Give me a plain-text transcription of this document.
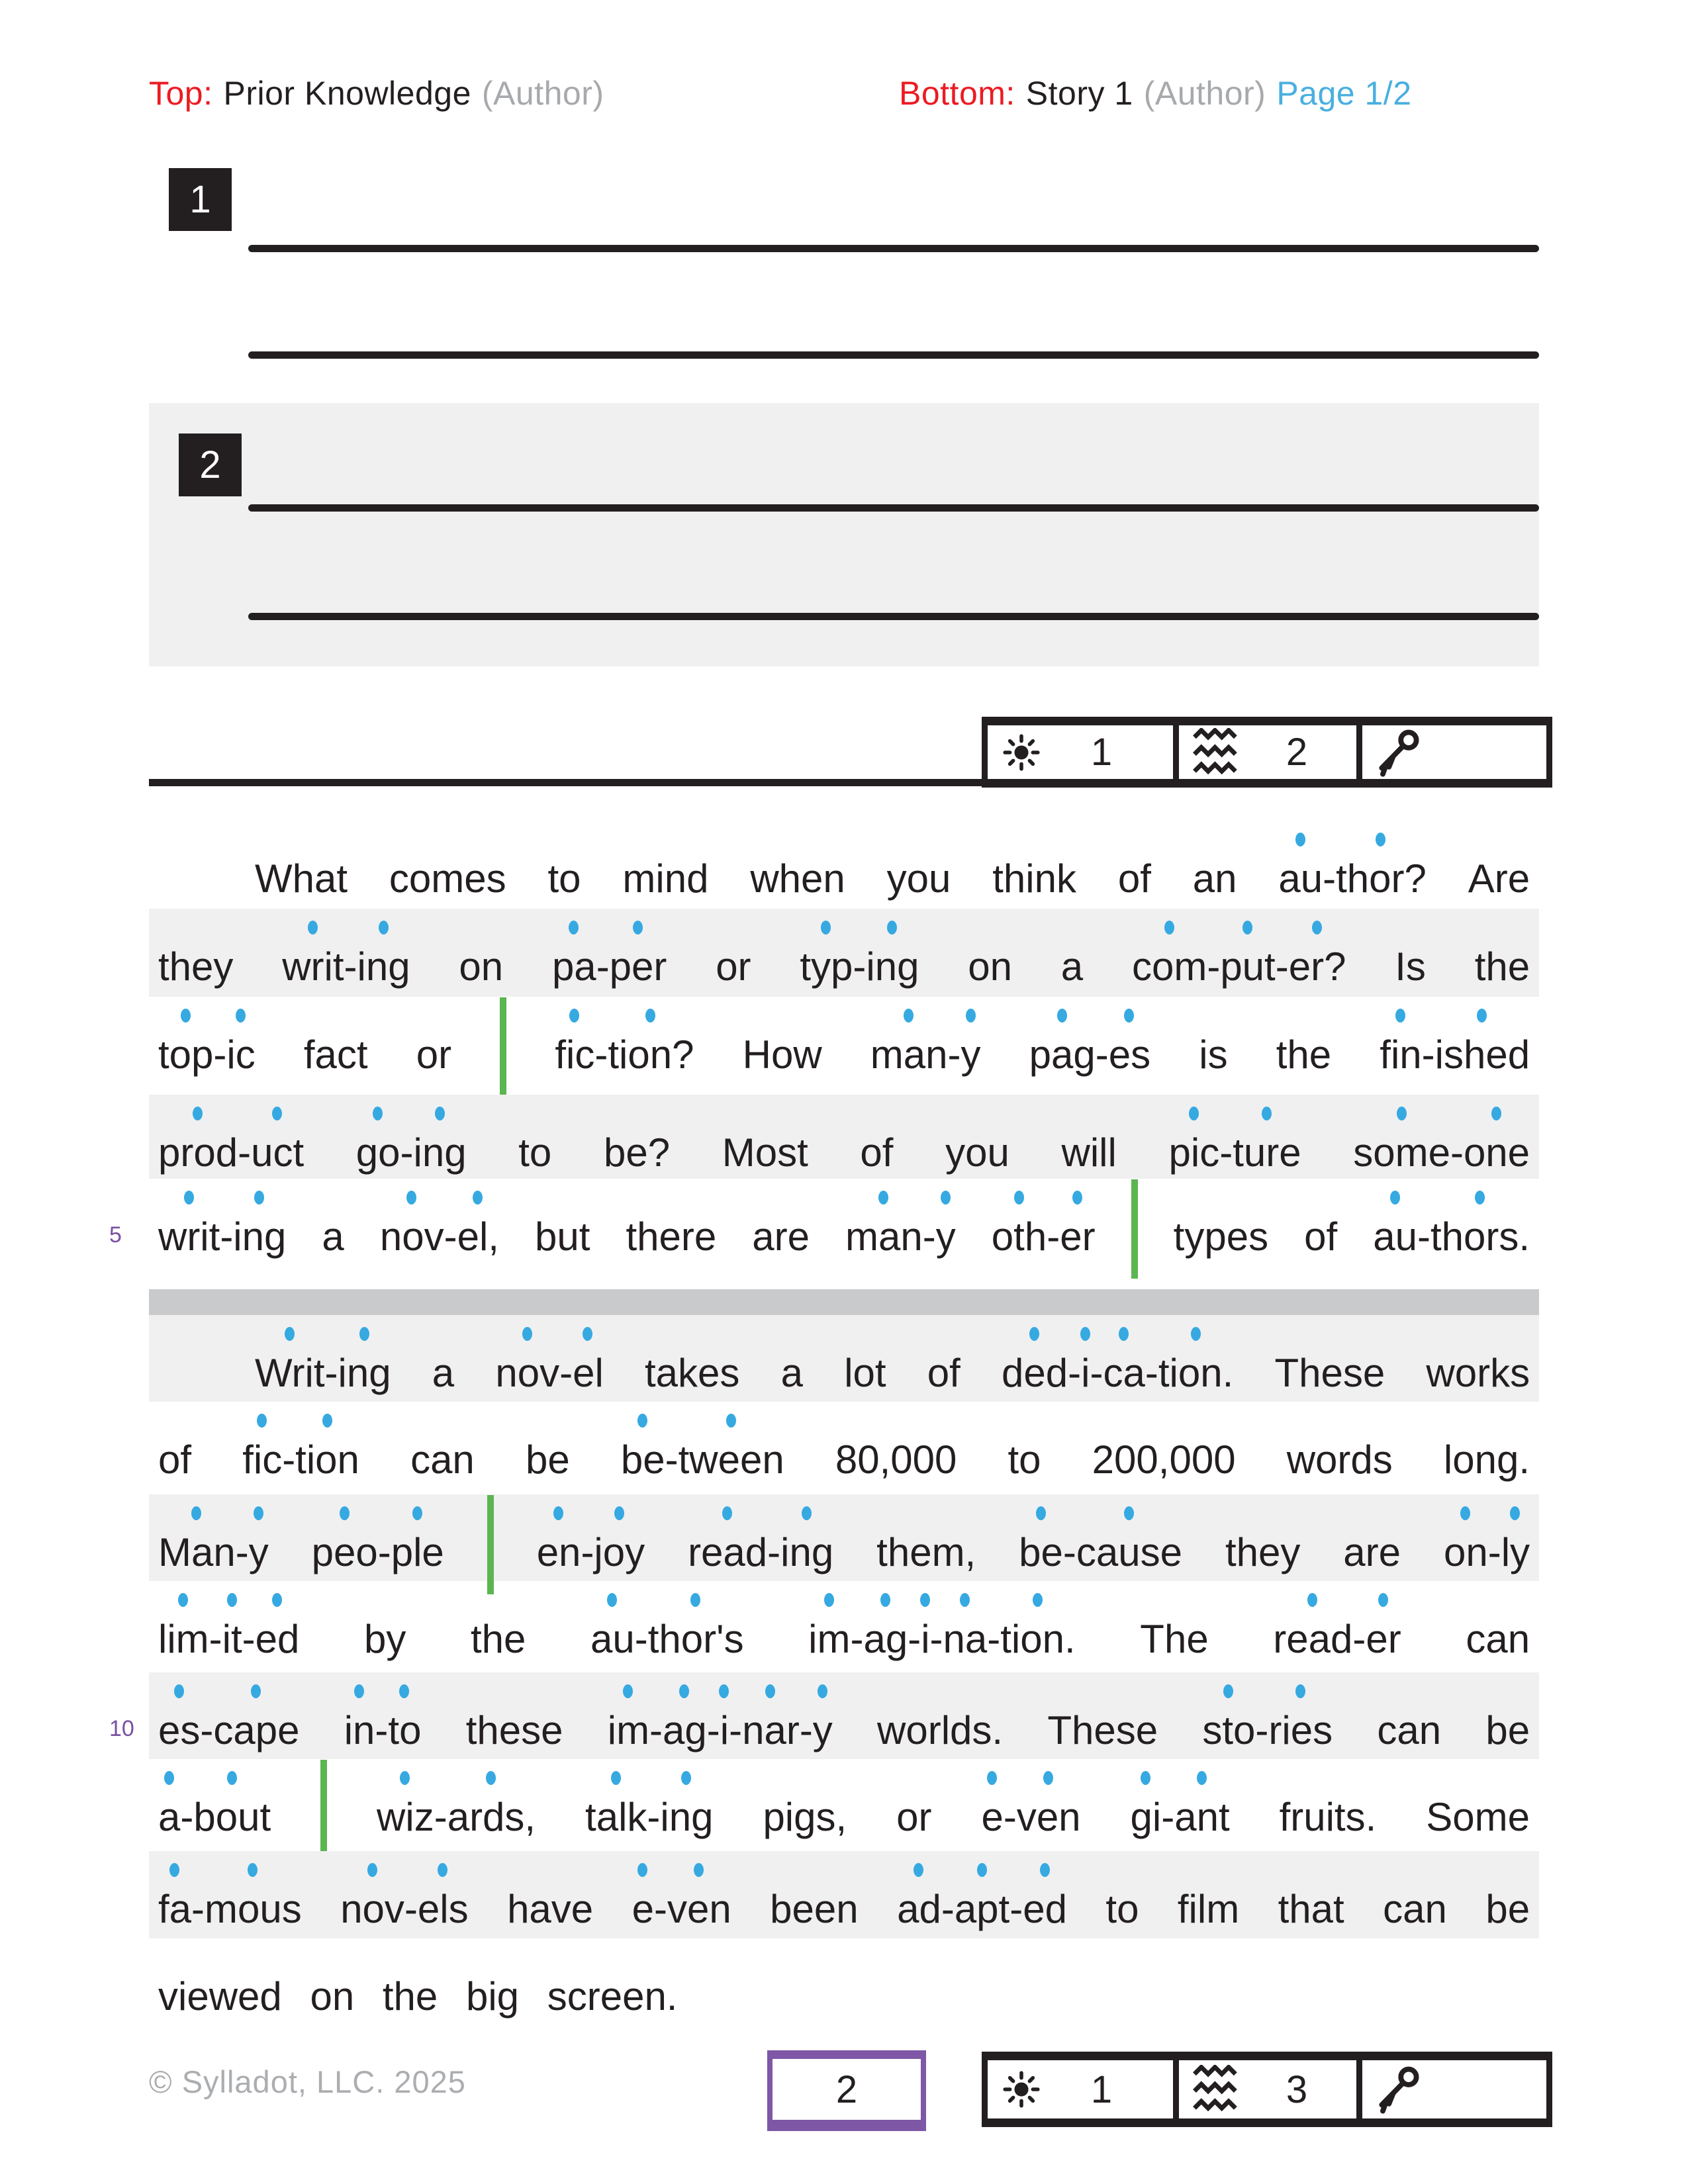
Top: Prior Knowledge (Author)	Bottom: Story 1 (Author) Page 1/2
1
2
1	2
What comes to mind when you think of an au
-thor? Are
they writ
-ing on pa
-per or typ
-ing on a com
-put
-er? Is the
top
-ic fact or	fic
-tion? How man
-y pag
-es is the fin
-ished
prod
-uct go
-ing to be? Most of you will pic
-ture some
-one
5 writ
-ing a nov
-el, but there are man
-y oth
-er
types of au
-thors.
Writ
-ing a nov
-el takes a lot of ded
-i
-ca
-tion. These works
of fic
-tion can be be
-tween 80,000 to 200,000 words long.
Man
-y peo
-ple
en
-joy read
-ing them, be
-cause they are on
-ly
lim
-it
-ed by the au
-thor's im
-ag
-i
-na
-tion. The read
-er can
10 es
-cape in
-to these im
-ag
-i
-nar
-y worlds. These sto
-ries can be
a
-bout
	wiz
-ards, talk
-ing pigs, or e
-ven gi
-ant fruits. Some
fa
-mous nov
-els have e
-ven been ad
-apt
-ed to film that can be
viewed on the big screen.
© Sylladot, LLC. 2025	2	1	3
